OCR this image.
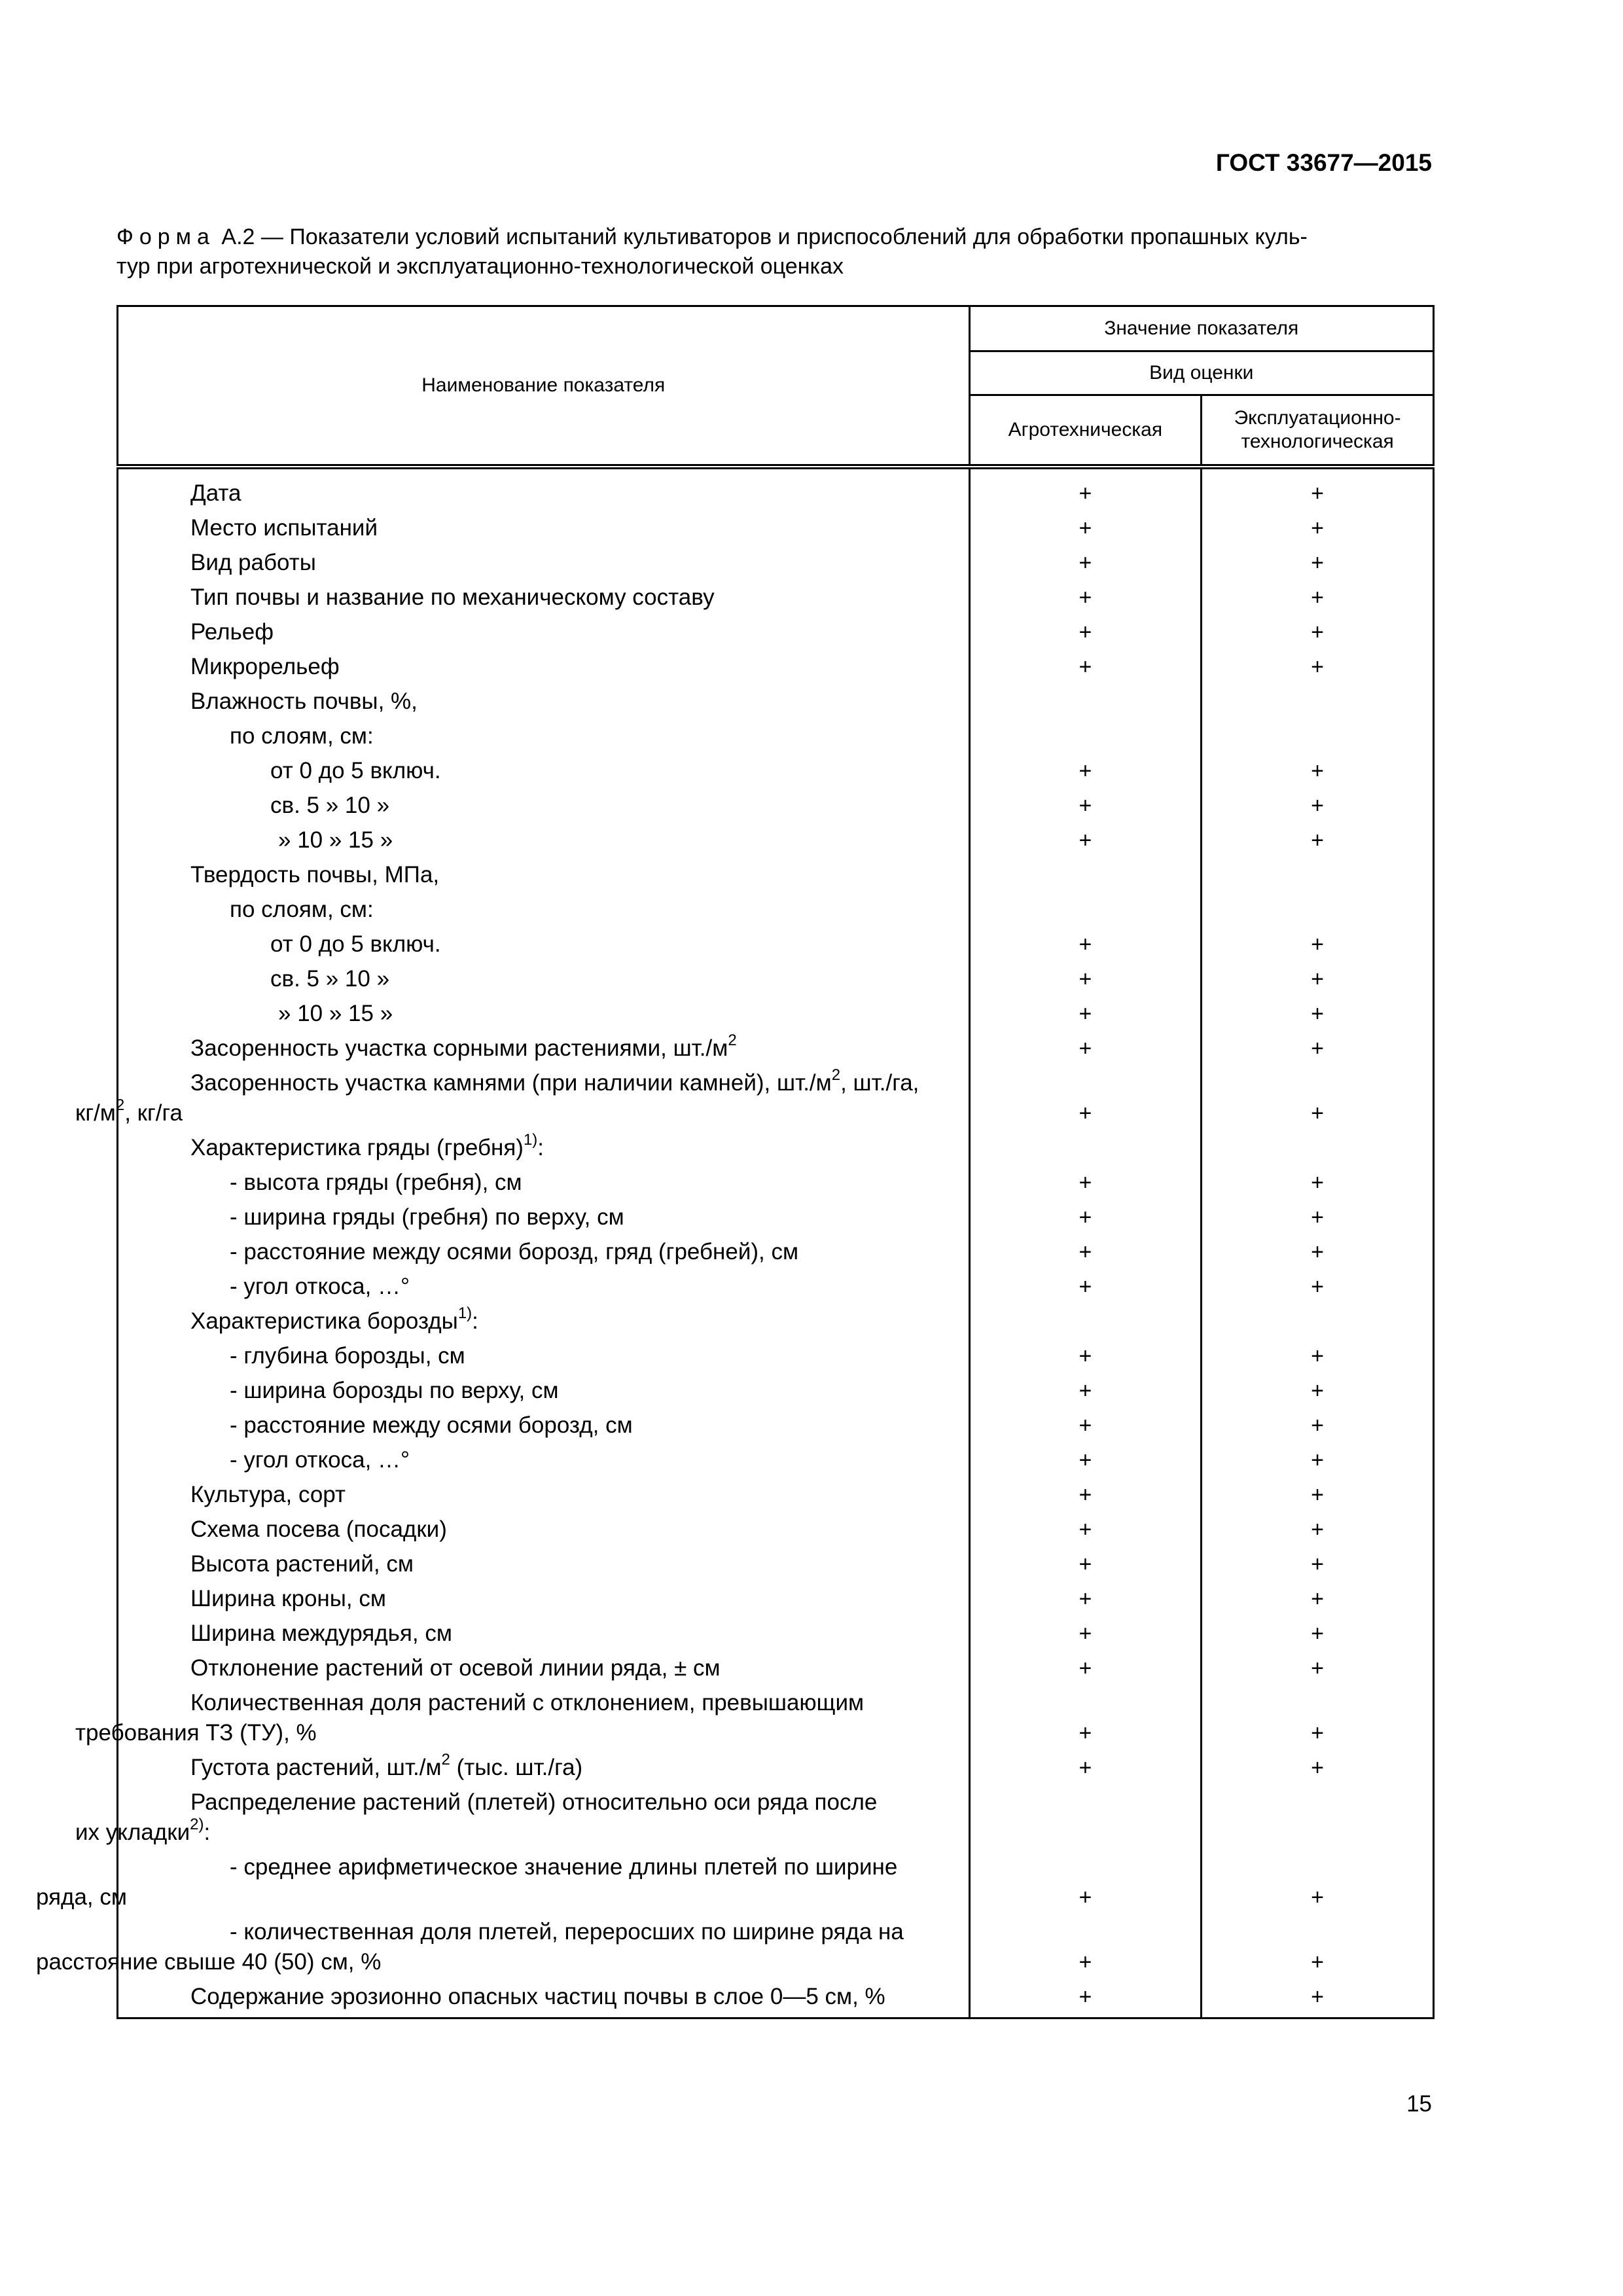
ГОСТ 33677—2015
Форма А.2 — Показатели условий испытаний культиваторов и приспособлений для обработки пропашных куль-
тур при агротехнической и эксплуатационно-технологической оценках
Наименование показателя	Значение показателя	
	Вид оценки	
	Агротехническая	Эксплуатационно-
технологическая

Дата	+	+

Место испытаний	+	+

Вид работы	+	+

Тип почвы и название по механическому составу	+	+

Рельеф	+	+

Микрорельеф	+	+

Влажность почвы, %,		

по слоям, см:		

от 0 до 5 включ.	+	+

св. 5 » 10 »	+	+

» 10 » 15 »	+	+

Твердость почвы, МПа,		

по слоям, см:		

от 0 до 5 включ.	+	+

св. 5 » 10 »	+	+

» 10 » 15 »	+	+

Засоренность участка сорными растениями, $шт./м^2$	+	+

Засоренность участка камнями (при наличии камней), $шт./м^2$, шт./га,
$кг/м^2$, кг/га	+	+

Характеристика гряды (гребня)$^{1)}$:		

- высота гряды (гребня), см	+	+

- ширина гряды (гребня) по верху, см	+	+

- расстояние между осями борозд, гряд (гребней), см	+	+

- угол откоса, …°	+	+

Характеристика борозды$^{1)}$:		

- глубина борозды, см	+	+

- ширина борозды по верху, см	+	+

- расстояние между осями борозд, см	+	+

- угол откоса, …°	+	+

Культура, сорт	+	+

Схема посева (посадки)	+	+

Высота растений, см	+	+

Ширина кроны, см	+	+

Ширина междурядья, см	+	+

Отклонение растений от осевой линии ряда, ± см	+	+

Количественная доля растений с отклонением, превышающим
требования ТЗ (ТУ), %	+	+

Густота растений, $шт./м^2$ (тыс. шт./га)	+	+

Распределение растений (плетей) относительно оси ряда после
их укладки$^{2)}$:		

- среднее арифметическое значение длины плетей по ширине
ряда, см	+	+

- количественная доля плетей, переросших по ширине ряда на
расстояние свыше 40 (50) см, %	+	+

Содержание эрозионно опасных частиц почвы в слое 0—5 см, %	+	+
15
